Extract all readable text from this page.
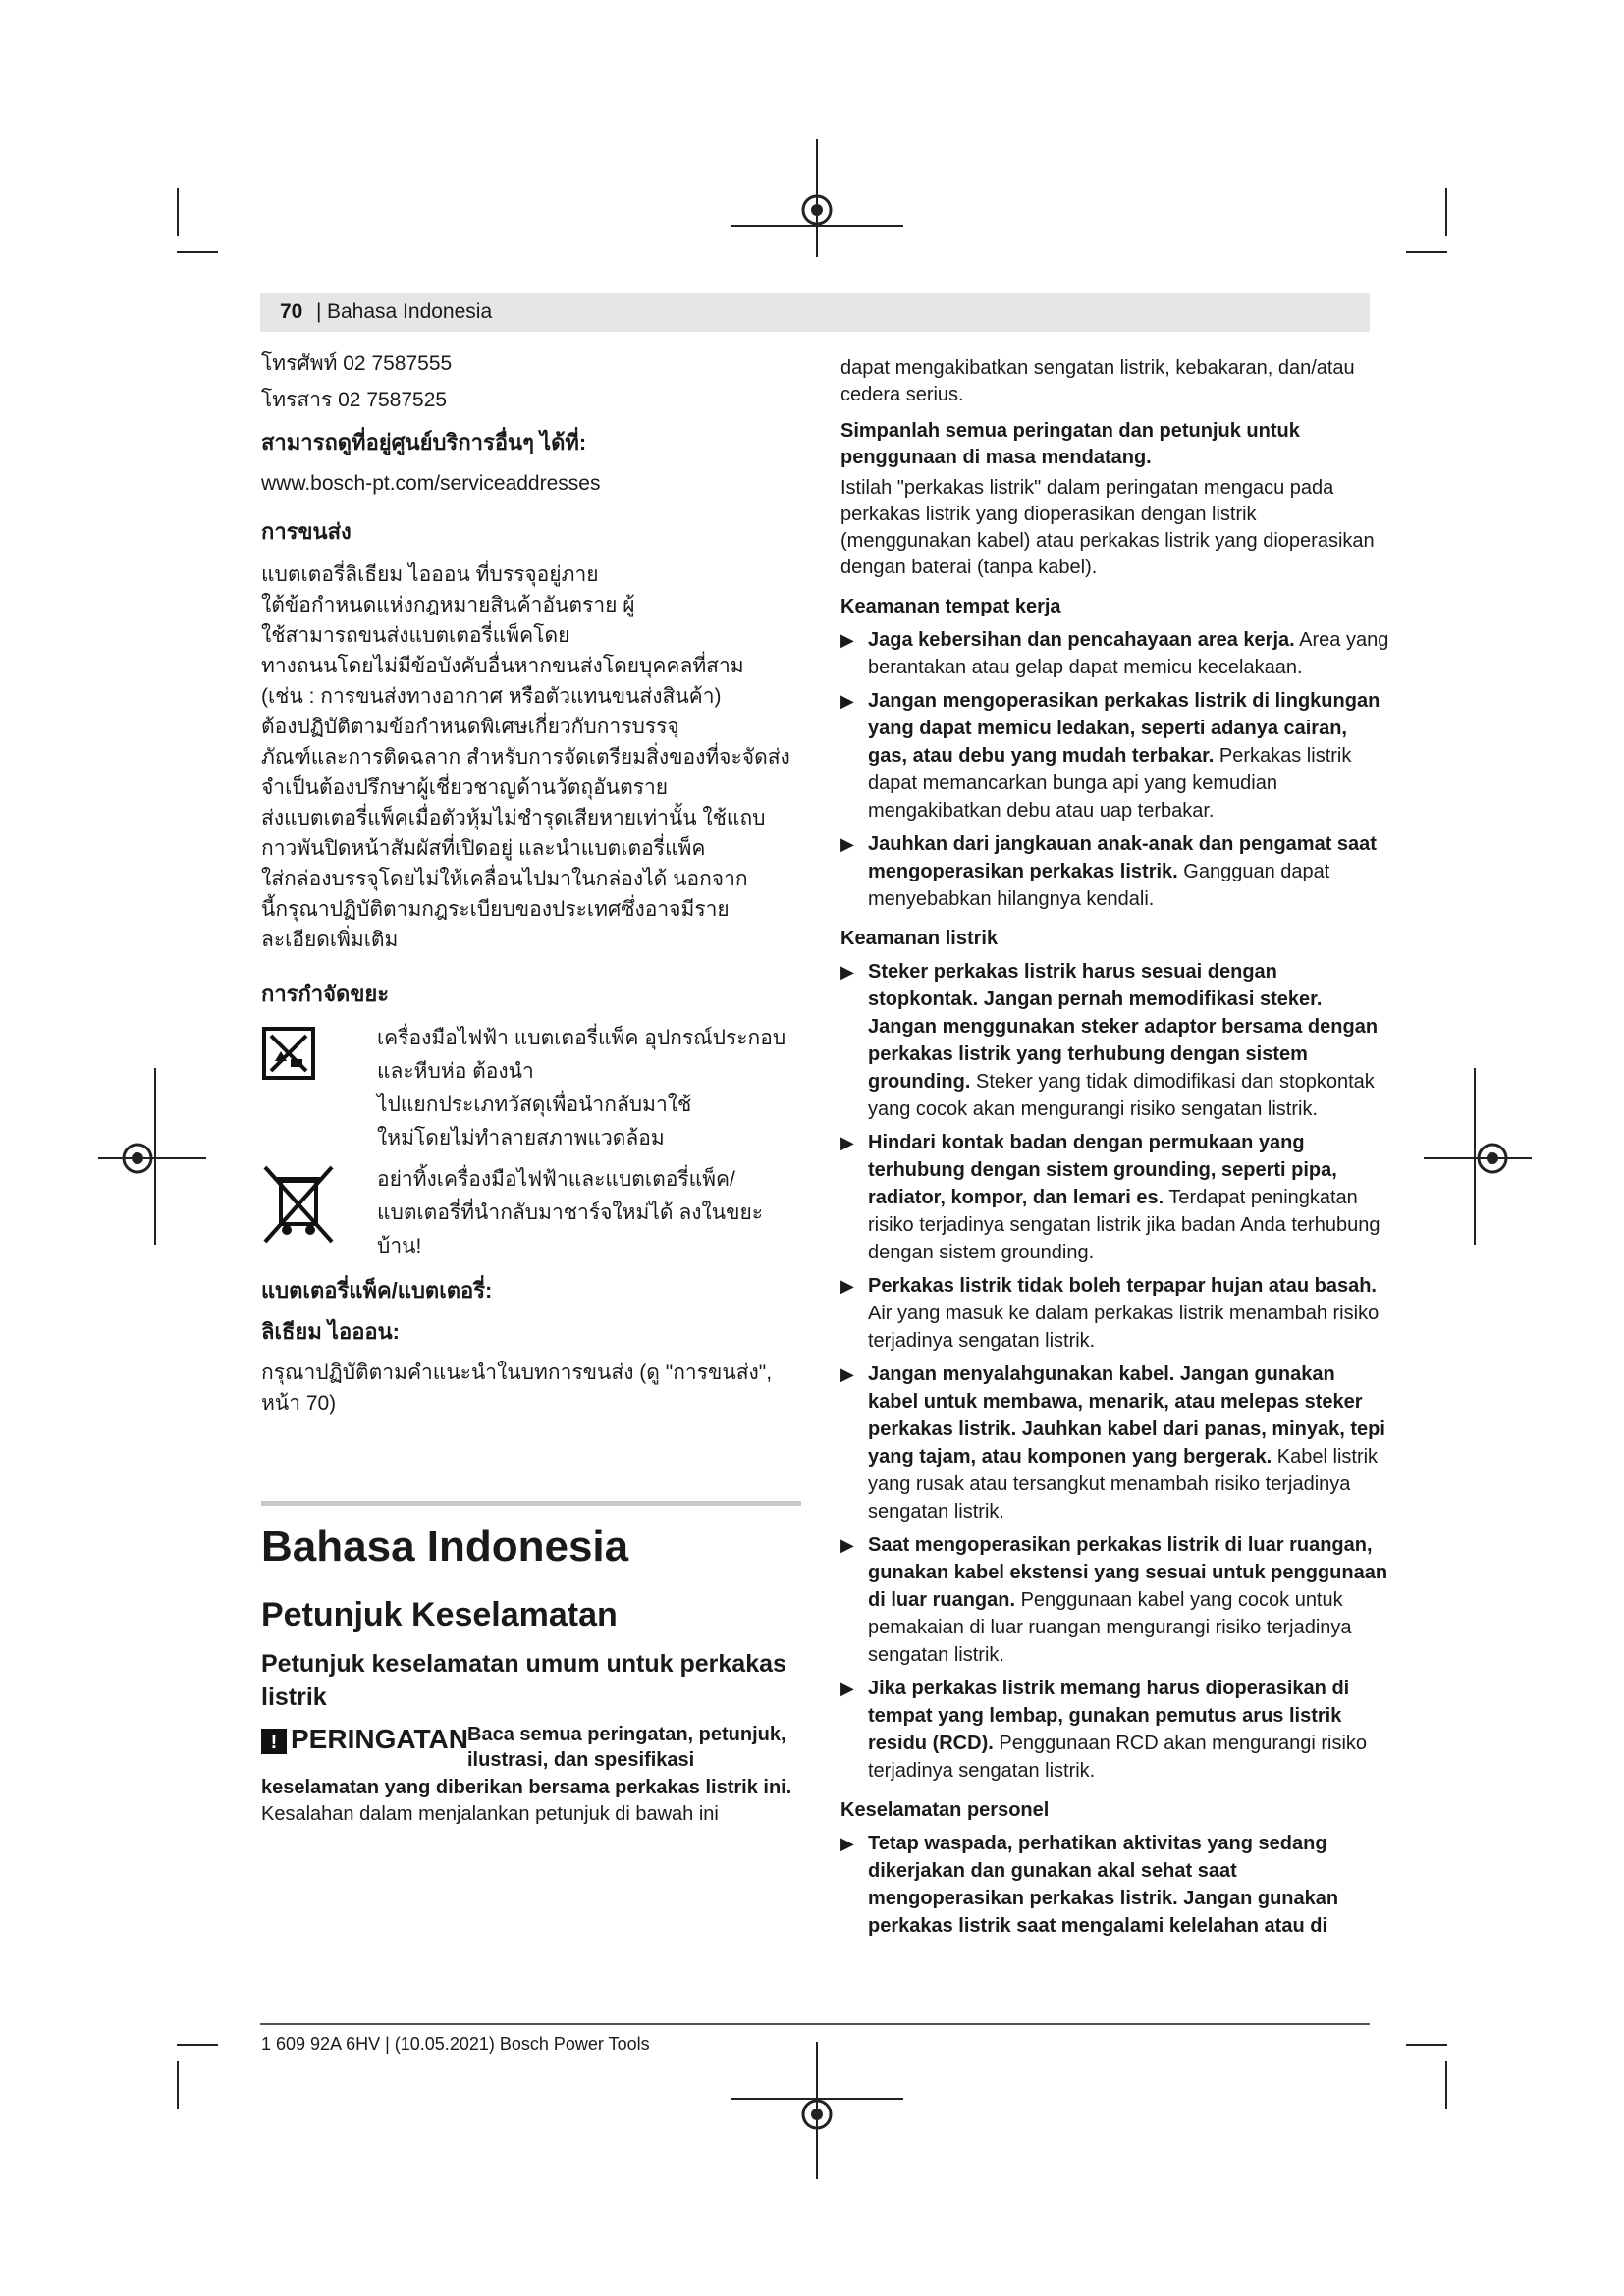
70 | Bahasa Indonesia

โทรศัพท์ 02 7587555

โทรสาร 02 7587525

สามารถดูที่อยู่ศูนย์บริการอื่นๆ ได้ที่:

www.bosch-pt.com/serviceaddresses

การขนส่ง

แบตเตอรี่ลิเธียม ไอออน ที่บรรจุอยู่ภาย

ใต้ข้อกำหนดแห่งกฎหมายสินค้าอันตราย ผู้

ใช้สามารถขนส่งแบตเตอรี่แพ็คโดย

ทางถนนโดยไม่มีข้อบังคับอื่นหากขนส่งโดยบุคคลที่สาม

(เช่น : การขนส่งทางอากาศ หรือตัวแทนขนส่งสินค้า)

ต้องปฏิบัติตามข้อกำหนดพิเศษเกี่ยวกับการบรรจุ

ภัณฑ์และการติดฉลาก สำหรับการจัดเตรียมสิ่งของที่จะจัดส่ง

จำเป็นต้องปรึกษาผู้เชี่ยวชาญด้านวัตถุอันตราย

ส่งแบตเตอรี่แพ็คเมื่อตัวหุ้มไม่ชำรุดเสียหายเท่านั้น ใช้แถบ

กาวพันปิดหน้าสัมผัสที่เปิดอยู่ และนำแบตเตอรี่แพ็ค

ใส่กล่องบรรจุโดยไม่ให้เคลื่อนไปมาในกล่องได้ นอกจาก

นี้กรุณาปฏิบัติตามกฎระเบียบของประเทศซึ่งอาจมีราย

ละเอียดเพิ่มเติม

การกำจัดขยะ

เครื่องมือไฟฟ้า แบตเตอรี่แพ็ค อุปกรณ์ประกอบ

และหีบห่อ ต้องนำ

ไปแยกประเภทวัสดุเพื่อนำกลับมาใช้

ใหม่โดยไม่ทำลายสภาพแวดล้อม

อย่าทิ้งเครื่องมือไฟฟ้าและแบตเตอรี่แพ็ค/

แบตเตอรี่ที่นำกลับมาชาร์จใหม่ได้ ลงในขยะ

บ้าน!

แบตเตอรี่แพ็ค/แบตเตอรี่:

ลิเธียม ไอออน:

กรุณาปฏิบัติตามคำแนะนำในบทการขนส่ง (ดู "การขนส่ง",

หน้า 70)

Bahasa Indonesia

Petunjuk Keselamatan

Petunjuk keselamatan umum untuk perkakas listrik

! PERINGATAN Baca semua peringatan, petunjuk, ilustrasi, dan spesifikasi

keselamatan yang diberikan bersama perkakas listrik ini. Kesalahan dalam menjalankan petunjuk di bawah ini

dapat mengakibatkan sengatan listrik, kebakaran, dan/atau cedera serius.

Simpanlah semua peringatan dan petunjuk untuk penggunaan di masa mendatang.

Istilah "perkakas listrik" dalam peringatan mengacu pada perkakas listrik yang dioperasikan dengan listrik (menggunakan kabel) atau perkakas listrik yang dioperasikan dengan baterai (tanpa kabel).

Keamanan tempat kerja

▶ Jaga kebersihan dan pencahayaan area kerja. Area yang berantakan atau gelap dapat memicu kecelakaan.
▶ Jangan mengoperasikan perkakas listrik di lingkungan yang dapat memicu ledakan, seperti adanya cairan, gas, atau debu yang mudah terbakar. Perkakas listrik dapat memancarkan bunga api yang kemudian mengakibatkan debu atau uap terbakar.
▶ Jauhkan dari jangkauan anak-anak dan pengamat saat mengoperasikan perkakas listrik. Gangguan dapat menyebabkan hilangnya kendali.

Keamanan listrik

▶ Steker perkakas listrik harus sesuai dengan stopkontak. Jangan pernah memodifikasi steker. Jangan menggunakan steker adaptor bersama dengan perkakas listrik yang terhubung dengan sistem grounding. Steker yang tidak dimodifikasi dan stopkontak yang cocok akan mengurangi risiko sengatan listrik.
▶ Hindari kontak badan dengan permukaan yang terhubung dengan sistem grounding, seperti pipa, radiator, kompor, dan lemari es. Terdapat peningkatan risiko terjadinya sengatan listrik jika badan Anda terhubung dengan sistem grounding.
▶ Perkakas listrik tidak boleh terpapar hujan atau basah. Air yang masuk ke dalam perkakas listrik menambah risiko terjadinya sengatan listrik.
▶ Jangan menyalahgunakan kabel. Jangan gunakan kabel untuk membawa, menarik, atau melepas steker perkakas listrik. Jauhkan kabel dari panas, minyak, tepi yang tajam, atau komponen yang bergerak. Kabel listrik yang rusak atau tersangkut menambah risiko terjadinya sengatan listrik.
▶ Saat mengoperasikan perkakas listrik di luar ruangan, gunakan kabel ekstensi yang sesuai untuk penggunaan di luar ruangan. Penggunaan kabel yang cocok untuk pemakaian di luar ruangan mengurangi risiko terjadinya sengatan listrik.
▶ Jika perkakas listrik memang harus dioperasikan di tempat yang lembap, gunakan pemutus arus listrik residu (RCD). Penggunaan RCD akan mengurangi risiko terjadinya sengatan listrik.

Keselamatan personel

▶ Tetap waspada, perhatikan aktivitas yang sedang dikerjakan dan gunakan akal sehat saat mengoperasikan perkakas listrik. Jangan gunakan perkakas listrik saat mengalami kelelahan atau di
1 609 92A 6HV | (10.05.2021) Bosch Power Tools
